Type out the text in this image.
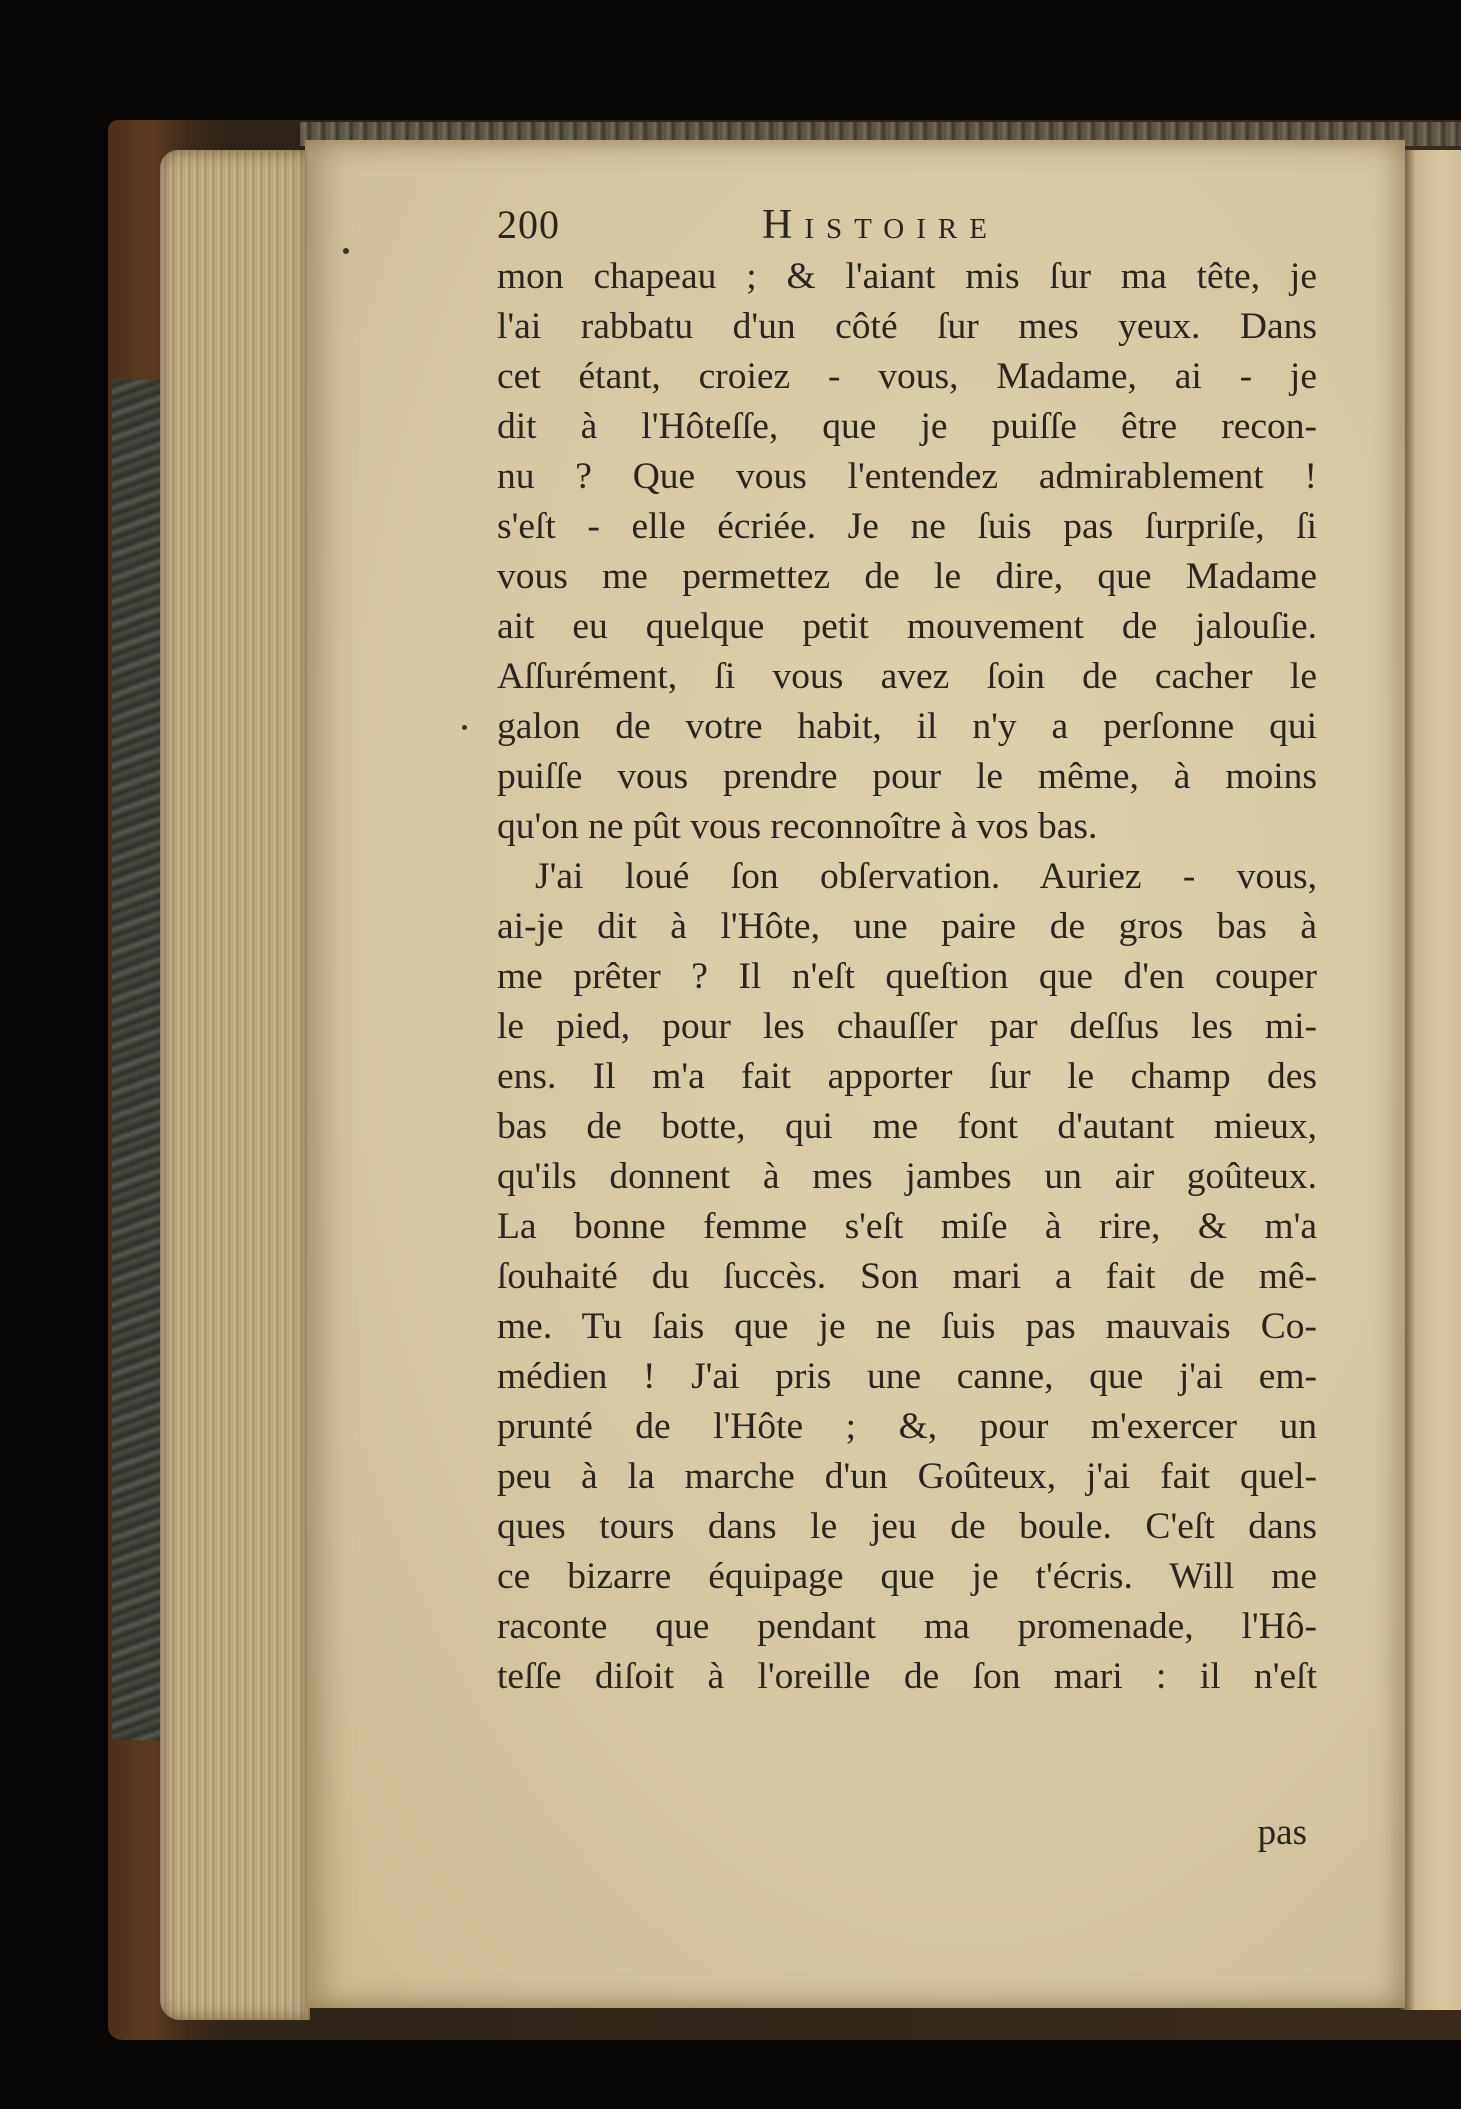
200	Histoire

mon chapeau ; & l'aiant mis ſur ma tête, je
l'ai rabbatu d'un côté ſur mes yeux. Dans
cet étant, croiez - vous, Madame, ai - je
dit à l'Hôteſſe, que je puiſſe être recon-
nu ? Que vous l'entendez admirablement !
s'eſt - elle écriée. Je ne ſuis pas ſurpriſe, ſi
vous me permettez de le dire, que Madame
ait eu quelque petit mouvement de jalouſie.
Aſſurément, ſi vous avez ſoin de cacher le
galon de votre habit, il n'y a perſonne qui
puiſſe vous prendre pour le même, à moins
qu'on ne pût vous reconnoître à vos bas.
J'ai loué ſon obſervation. Auriez - vous,
ai-je dit à l'Hôte, une paire de gros bas à
me prêter ? Il n'eſt queſtion que d'en couper
le pied, pour les chauſſer par deſſus les mi-
ens. Il m'a fait apporter ſur le champ des
bas de botte, qui me font d'autant mieux,
qu'ils donnent à mes jambes un air goûteux.
La bonne femme s'eſt miſe à rire, & m'a
ſouhaité du ſuccès. Son mari a fait de mê-
me. Tu ſais que je ne ſuis pas mauvais Co-
médien ! J'ai pris une canne, que j'ai em-
prunté de l'Hôte ; &, pour m'exercer un
peu à la marche d'un Goûteux, j'ai fait quel-
ques tours dans le jeu de boule. C'eſt dans
ce bizarre équipage que je t'écris. Will me
raconte que pendant ma promenade, l'Hô-
teſſe diſoit à l'oreille de ſon mari : il n'eſt

pas
